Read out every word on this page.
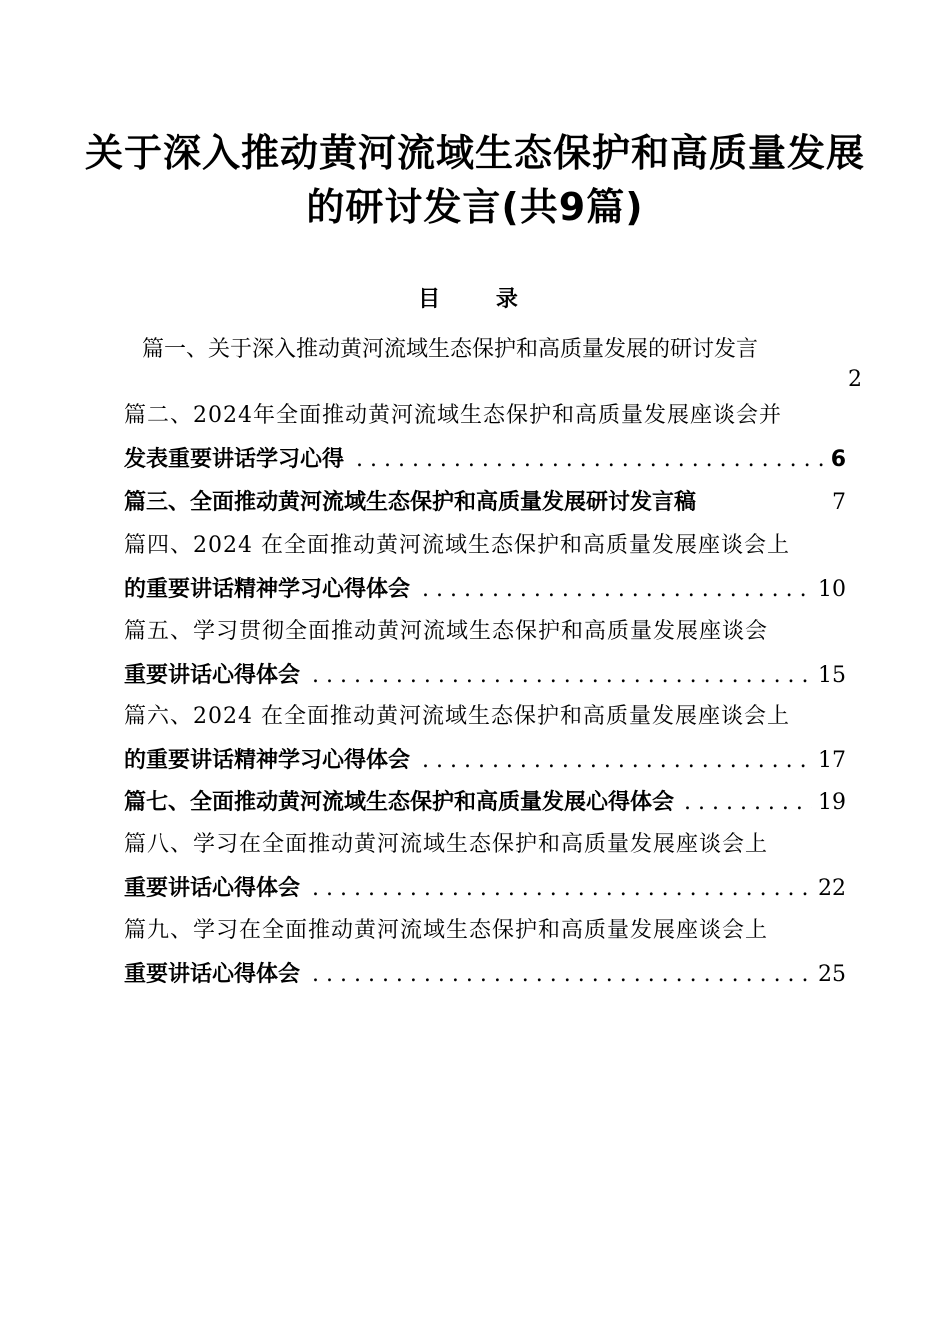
关于深入推动黄河流域生态保护和高质量发展
的研讨发言(共9篇)
目 录
篇一、关于深入推动黄河流域生态保护和高质量发展的研讨发言
2
篇二、2024年全面推动黄河流域生态保护和高质量发展座谈会并
发表重要讲话学习心得 . . .	6
篇三、全面推动黄河流域生态保护和高质量发展研讨发言稿	7
篇四、2024 在全面推动黄河流域生态保护和高质量发展座谈会上
的重要讲话精神学习心得体会 . . .	10
篇五、学习贯彻全面推动黄河流域生态保护和高质量发展座谈会
重要讲话心得体会 . . .	15
篇六、2024 在全面推动黄河流域生态保护和高质量发展座谈会上
的重要讲话精神学习心得体会 . . .	17
篇七、全面推动黄河流域生态保护和高质量发展心得体会 . . .	19
篇八、学习在全面推动黄河流域生态保护和高质量发展座谈会上
重要讲话心得体会 . . .	22
篇九、学习在全面推动黄河流域生态保护和高质量发展座谈会上
重要讲话心得体会 . . .	25
